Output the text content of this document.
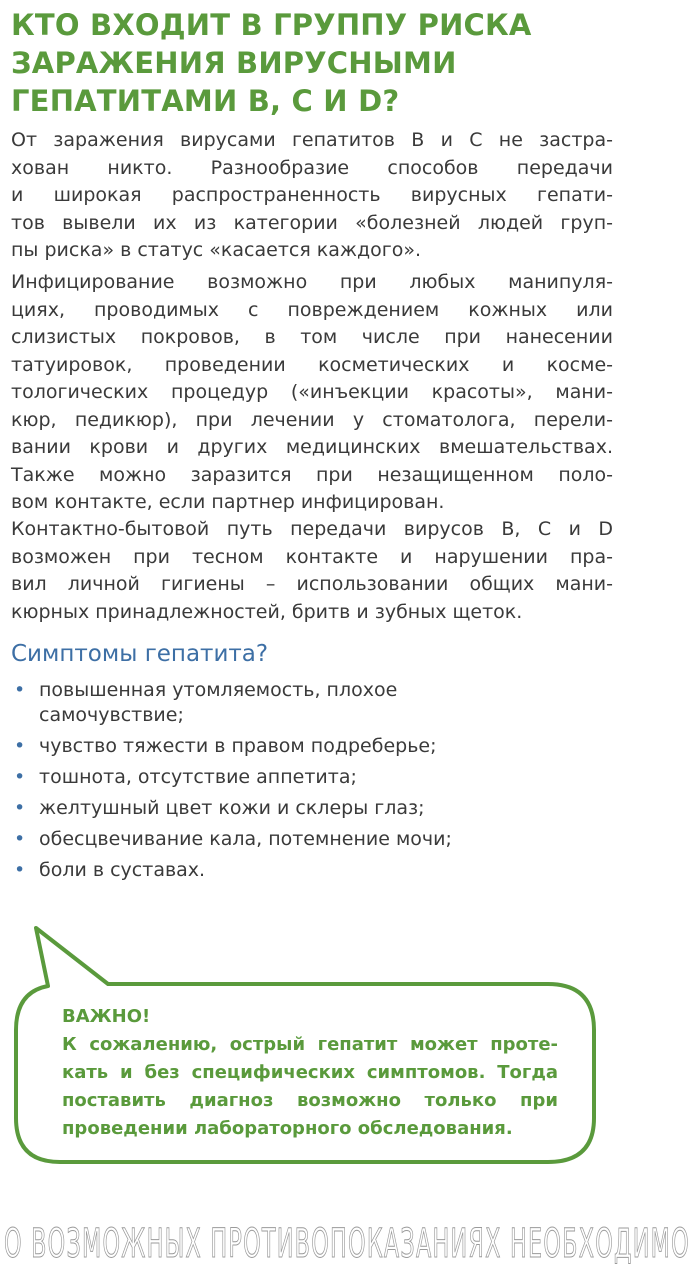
КТО ВХОДИТ В ГРУППУ РИСКА
ЗАРАЖЕНИЯ ВИРУСНЫМИ
ГЕПАТИТАМИ В, С И D?

От заражения вирусами гепатитов В и С не застра-
хован никто. Разнообразие способов передачи
и широкая распространенность вирусных гепати-
тов вывели их из категории «болезней людей груп-
пы риска» в статус «касается каждого».

Инфицирование возможно при любых манипуля-
циях, проводимых с повреждением кожных или
слизистых покровов, в том числе при нанесении
татуировок, проведении косметических и косме-
тологических процедур («инъекции красоты», мани-
кюр, педикюр), при лечении у стоматолога, перели-
вании крови и других медицинских вмешательствах.
Также можно заразится при незащищенном поло-
вом контакте, если партнер инфицирован.

Контактно-бытовой путь передачи вирусов В, С и D
возможен при тесном контакте и нарушении пра-
вил личной гигиены – использовании общих мани-
кюрных принадлежностей, бритв и зубных щеток.

Симптомы гепатита?
• повышенная утомляемость, плохое
самочувствие;
• чувство тяжести в правом подреберье;
• тошнота, отсутствие аппетита;
• желтушный цвет кожи и склеры глаз;
• обесцвечивание кала, потемнение мочи;
• боли в суставах.
ВАЖНО!
К сожалению, острый гепатит может проте-
кать и без специфических симптомов. Тогда
поставить диагноз возможно только при
проведении лабораторного обследования.
О ВОЗМОЖНЫХ ПРОТИВОПОКАЗАНИЯХ НЕОБХОДИМО
